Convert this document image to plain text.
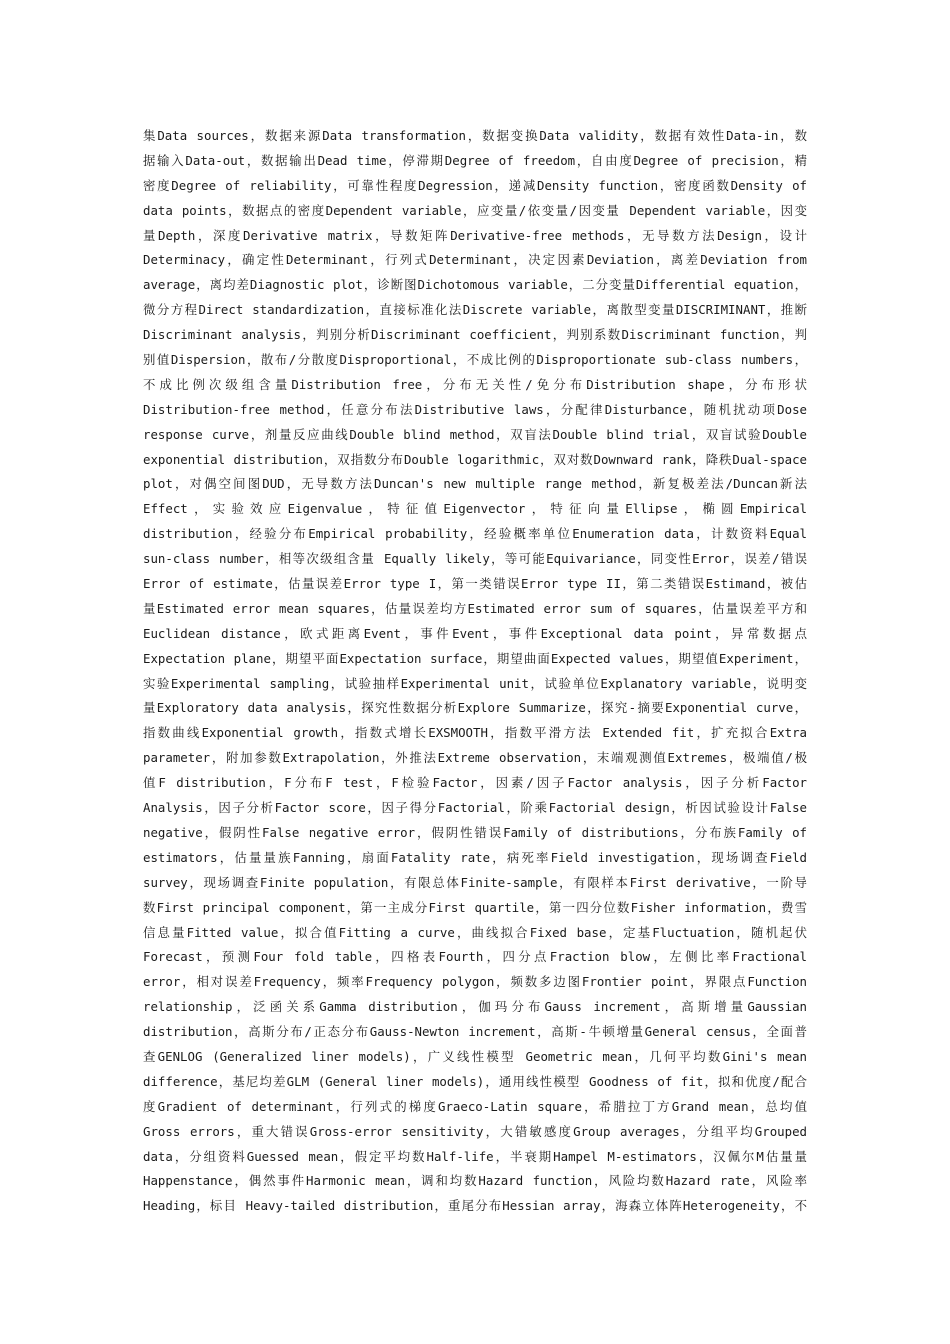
集Data sources，数据来源Data transformation，数据变换Data validity，数据有效性Data-in，数
据输入Data-out，数据输出Dead time，停滞期Degree of freedom，自由度Degree of precision，精
密度Degree of reliability，可靠性程度Degression，递减Density function，密度函数Density of
data points，数据点的密度Dependent variable，应变量/依变量/因变量 Dependent variable，因变
量Depth，深度Derivative matrix，导数矩阵Derivative-free methods，无导数方法Design，设计
Determinacy，确定性Determinant，行列式Determinant，决定因素Deviation，离差Deviation from
average，离均差Diagnostic plot，诊断图Dichotomous variable，二分变量Differential equation，
微分方程Direct standardization，直接标准化法Discrete variable，离散型变量DISCRIMINANT，推断
Discriminant analysis，判别分析Discriminant coefficient，判别系数Discriminant function，判
别值Dispersion，散布/分散度Disproportional，不成比例的Disproportionate sub-class numbers，
不成比例次级组含量Distribution free，分布无关性/免分布Distribution shape，分布形状
Distribution-free method，任意分布法Distributive laws，分配律Disturbance，随机扰动项Dose
response curve，剂量反应曲线Double blind method，双盲法Double blind trial，双盲试验Double
exponential distribution，双指数分布Double logarithmic，双对数Downward rank，降秩Dual-space
plot，对偶空间图DUD，无导数方法Duncan's new multiple range method，新复极差法/Duncan新法
Effect，实验效应Eigenvalue，特征值Eigenvector，特征向量Ellipse，椭圆Empirical
distribution，经验分布Empirical probability，经验概率单位Enumeration data，计数资料Equal
sun-class number，相等次级组含量 Equally likely，等可能Equivariance，同变性Error，误差/错误
Error of estimate，估量误差Error type I，第一类错误Error type II，第二类错误Estimand，被估
量Estimated error mean squares，估量误差均方Estimated error sum of squares，估量误差平方和
Euclidean distance，欧式距离Event，事件Event，事件Exceptional data point，异常数据点
Expectation plane，期望平面Expectation surface，期望曲面Expected values，期望值Experiment，
实验Experimental sampling，试验抽样Experimental unit，试验单位Explanatory variable，说明变
量Exploratory data analysis，探究性数据分析Explore Summarize，探究-摘要Exponential curve，
指数曲线Exponential growth，指数式增长EXSMOOTH，指数平滑方法 Extended fit，扩充拟合Extra
parameter，附加参数Extrapolation，外推法Extreme observation，末端观测值Extremes，极端值/极
值F distribution，F分布F test，F检验Factor，因素/因子Factor analysis，因子分析Factor
Analysis，因子分析Factor score，因子得分Factorial，阶乘Factorial design，析因试验设计False
negative，假阴性False negative error，假阴性错误Family of distributions，分布族Family of
estimators，估量量族Fanning，扇面Fatality rate，病死率Field investigation，现场调查Field
survey，现场调查Finite population，有限总体Finite-sample，有限样本First derivative，一阶导
数First principal component，第一主成分First quartile，第一四分位数Fisher information，费雪
信息量Fitted value，拟合值Fitting a curve，曲线拟合Fixed base，定基Fluctuation，随机起伏
Forecast，预测Four fold table，四格表Fourth，四分点Fraction blow，左侧比率Fractional
error，相对误差Frequency，频率Frequency polygon，频数多边图Frontier point，界限点Function
relationship，泛函关系Gamma distribution，伽玛分布Gauss increment，高斯增量Gaussian
distribution，高斯分布/正态分布Gauss-Newton increment，高斯-牛顿增量General census，全面普
查GENLOG (Generalized liner models)，广义线性模型 Geometric mean，几何平均数Gini's mean
difference，基尼均差GLM (General liner models)，通用线性模型 Goodness of fit，拟和优度/配合
度Gradient of determinant，行列式的梯度Graeco-Latin square，希腊拉丁方Grand mean，总均值
Gross errors，重大错误Gross-error sensitivity，大错敏感度Group averages，分组平均Grouped
data，分组资料Guessed mean，假定平均数Half-life，半衰期Hampel M-estimators，汉佩尔M估量量
Happenstance，偶然事件Harmonic mean，调和均数Hazard function，风险均数Hazard rate，风险率
Heading，标目 Heavy-tailed distribution，重尾分布Hessian array，海森立体阵Heterogeneity，不
